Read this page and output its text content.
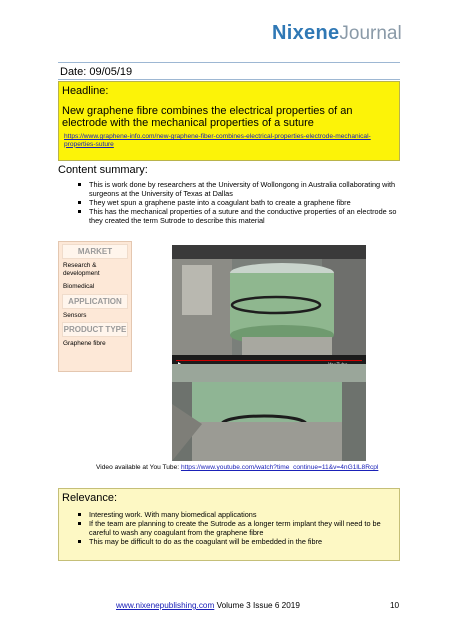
NixeneJournal
Date: 09/05/19
Headline:
New graphene fibre combines the electrical properties of an electrode with the mechanical properties of a suture
https://www.graphene-info.com/new-graphene-fiber-combines-electrical-properties-electrode-mechanical-properties-suture
Content summary:
This is work done by researchers at the University of Wollongong in Australia collaborating with surgeons at the University of Texas at Dallas
They wet spun a graphene paste into a coagulant bath to create a graphene fibre
This has the mechanical properties of a suture and the conductive properties of an electrode so they created the term Sutrode to describe this material
MARKET
Research & development
Biomedical
APPLICATION
Sensors
PRODUCT TYPE
Graphene fibre
Video available at You Tube: https://www.youtube.com/watch?time_continue=11&v=4nG1lL8Rcpl
Relevance:
Interesting work. With many biomedical applications
If the team are planning to create the Sutrode as a longer term implant they will need to be careful to wash any coagulant from the graphene fibre
This may be difficult to do as the coagulant will be embedded in the fibre
www.nixenepublishing.com Volume 3 Issue 6 2019	10
